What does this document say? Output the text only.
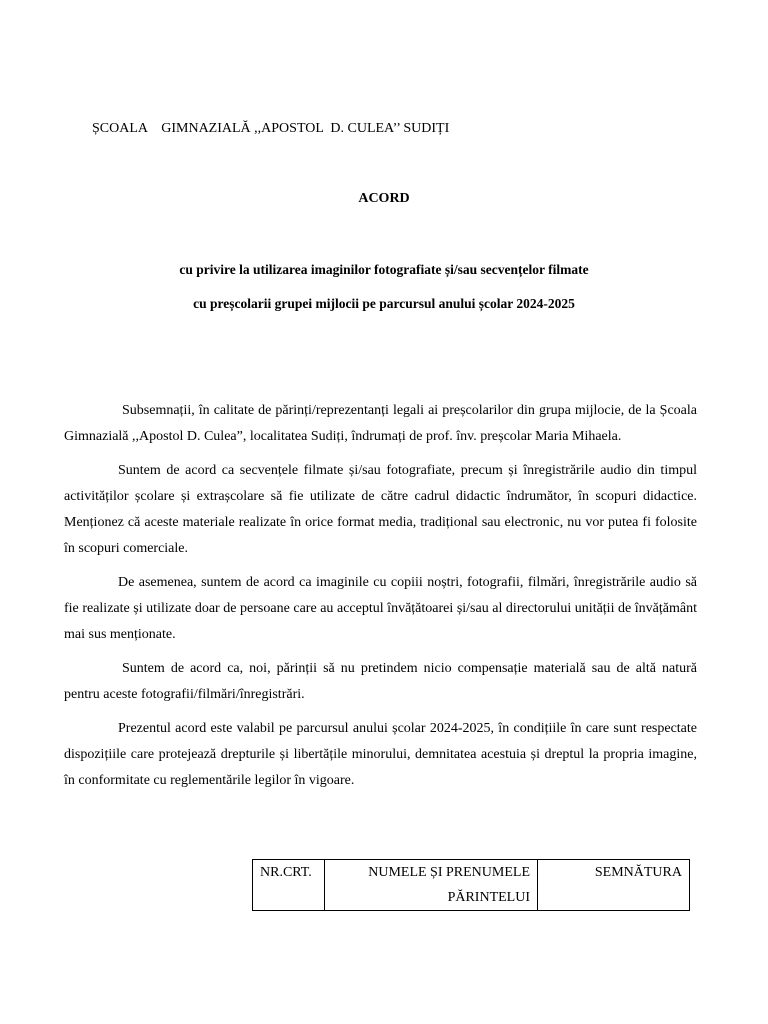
ȘCOALA    GIMNAZIALĂ ,,APOSTOL  D. CULEA’’ SUDIȚI
ACORD
cu privire la utilizarea imaginilor fotografiate și/sau secvențelor filmate
cu preșcolarii grupei mijlocii pe parcursul anului școlar 2024-2025

Subsemnații, în calitate de părinți/reprezentanți legali ai preșcolarilor din grupa mijlocie, de la Școala Gimnazială ,,Apostol D. Culea”, localitatea Sudiți, îndrumați de prof. înv. preșcolar Maria Mihaela.

Suntem de acord ca secvențele filmate și/sau fotografiate, precum și înregistrările audio din timpul activităților școlare și extrașcolare să fie utilizate de către cadrul didactic îndrumător, în scopuri didactice. Menționez că aceste materiale realizate în orice format media, tradițional sau electronic, nu vor putea fi folosite în scopuri comerciale.

De asemenea, suntem de acord ca imaginile cu copiii noștri, fotografii, filmări, înregistrările audio să fie realizate și utilizate doar de persoane care au acceptul învățătoarei și/sau al directorului unității de învățământ mai sus menționate.

Suntem de acord ca, noi, părinții să nu pretindem nicio compensație materială sau de altă natură pentru aceste fotografii/filmări/înregistrări.

Prezentul acord este valabil pe parcursul anului școlar 2024-2025, în condițiile în care sunt respectate dispozițiile care protejează drepturile și libertățile minorului, demnitatea acestuia și dreptul la propria imagine, în conformitate cu reglementările legilor în vigoare.

NR.CRT.	NUMELE ȘI PRENUMELE PĂRINTELUI	SEMNĂTURA
